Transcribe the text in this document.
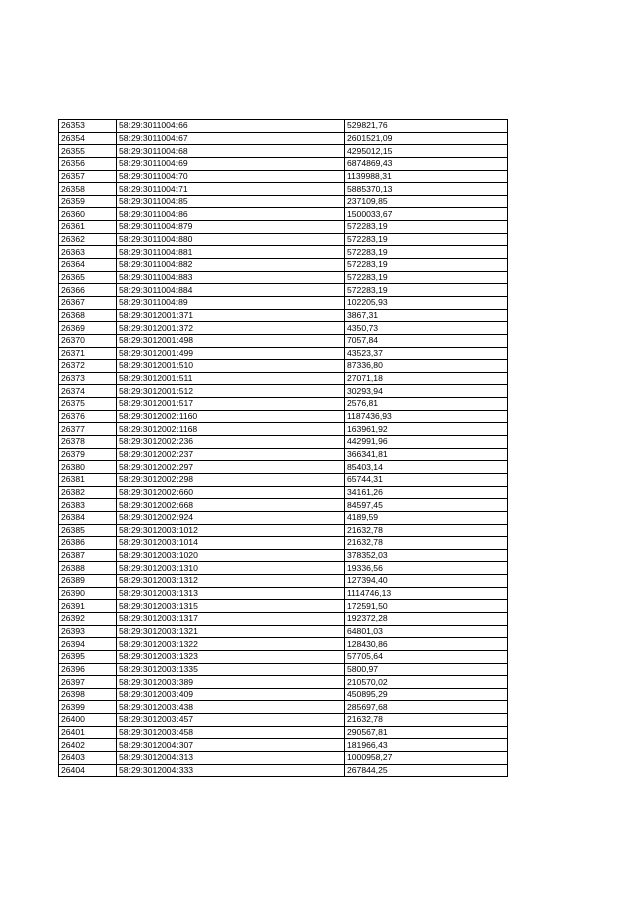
26353	58:29:3011004:66	529821,76
26354	58:29:3011004:67	2601521,09
26355	58:29:3011004:68	4295012,15
26356	58:29:3011004:69	6874869,43
26357	58:29:3011004:70	1139988,31
26358	58:29:3011004:71	5885370,13
26359	58:29:3011004:85	237109,85
26360	58:29:3011004:86	1500033,67
26361	58:29:3011004:879	572283,19
26362	58:29:3011004:880	572283,19
26363	58:29:3011004:881	572283,19
26364	58:29:3011004:882	572283,19
26365	58:29:3011004:883	572283,19
26366	58:29:3011004:884	572283,19
26367	58:29:3011004:89	102205,93
26368	58:29:3012001:371	3867,31
26369	58:29:3012001:372	4350,73
26370	58:29:3012001:498	7057,84
26371	58:29:3012001:499	43523,37
26372	58:29:3012001:510	87336,80
26373	58:29:3012001:511	27071,18
26374	58:29:3012001:512	30293,94
26375	58:29:3012001:517	2576,81
26376	58:29:3012002:1160	1187436,93
26377	58:29:3012002:1168	163961,92
26378	58:29:3012002:236	442991,96
26379	58:29:3012002:237	366341,81
26380	58:29:3012002:297	85403,14
26381	58:29:3012002:298	65744,31
26382	58:29:3012002:660	34161,26
26383	58:29:3012002:668	84597,45
26384	58:29:3012002:924	4189,59
26385	58:29:3012003:1012	21632,78
26386	58:29:3012003:1014	21632,78
26387	58:29:3012003:1020	378352,03
26388	58:29:3012003:1310	19336,56
26389	58:29:3012003:1312	127394,40
26390	58:29:3012003:1313	1114746,13
26391	58:29:3012003:1315	172591,50
26392	58:29:3012003:1317	192372,28
26393	58:29:3012003:1321	64801,03
26394	58:29:3012003:1322	128430,86
26395	58:29:3012003:1323	57705,64
26396	58:29:3012003:1335	5800,97
26397	58:29:3012003:389	210570,02
26398	58:29:3012003:409	450895,29
26399	58:29:3012003:438	285697,68
26400	58:29:3012003:457	21632,78
26401	58:29:3012003:458	290567,81
26402	58:29:3012004:307	181966,43
26403	58:29:3012004:313	1000958,27
26404	58:29:3012004:333	267844,25
